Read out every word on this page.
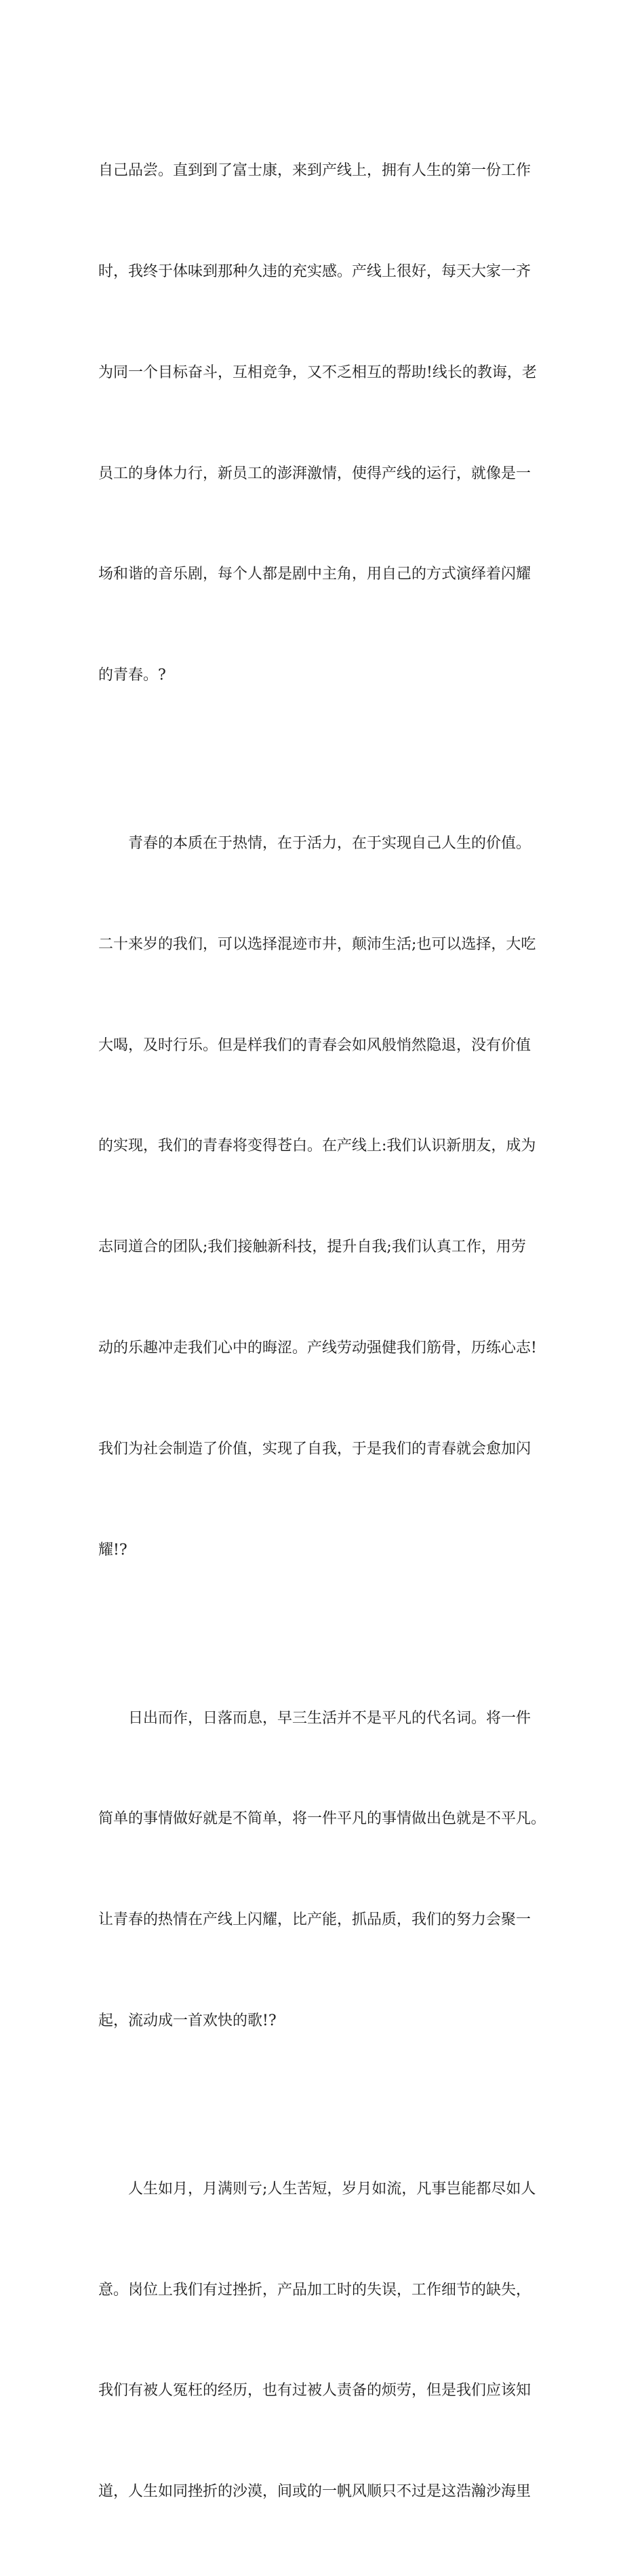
自己品尝。直到到了富士康，来到产线上，拥有人生的第一份工作

时，我终于体味到那种久违的充实感。产线上很好，每天大家一齐

为同一个目标奋斗，互相竞争，又不乏相互的帮助!线长的教诲，老

员工的身体力行，新员工的澎湃激情，使得产线的运行，就像是一

场和谐的音乐剧，每个人都是剧中主角，用自己的方式演绎着闪耀

的青春。?

青春的本质在于热情，在于活力，在于实现自己人生的价值。

二十来岁的我们，可以选择混迹市井，颠沛生活;也可以选择，大吃

大喝，及时行乐。但是样我们的青春会如风般悄然隐退，没有价值

的实现，我们的青春将变得苍白。在产线上:我们认识新朋友，成为

志同道合的团队;我们接触新科技，提升自我;我们认真工作，用劳

动的乐趣冲走我们心中的晦涩。产线劳动强健我们筋骨，历练心志!

我们为社会制造了价值，实现了自我，于是我们的青春就会愈加闪

耀!?

日出而作，日落而息，早三生活并不是平凡的代名词。将一件

简单的事情做好就是不简单，将一件平凡的事情做出色就是不平凡。

让青春的热情在产线上闪耀，比产能，抓品质，我们的努力会聚一

起，流动成一首欢快的歌!?

人生如月，月满则亏;人生苦短，岁月如流，凡事岂能都尽如人

意。岗位上我们有过挫折，产品加工时的失误，工作细节的缺失，

我们有被人冤枉的经历，也有过被人责备的烦劳，但是我们应该知

道，人生如同挫折的沙漠，间或的一帆风顺只不过是这浩瀚沙海里
